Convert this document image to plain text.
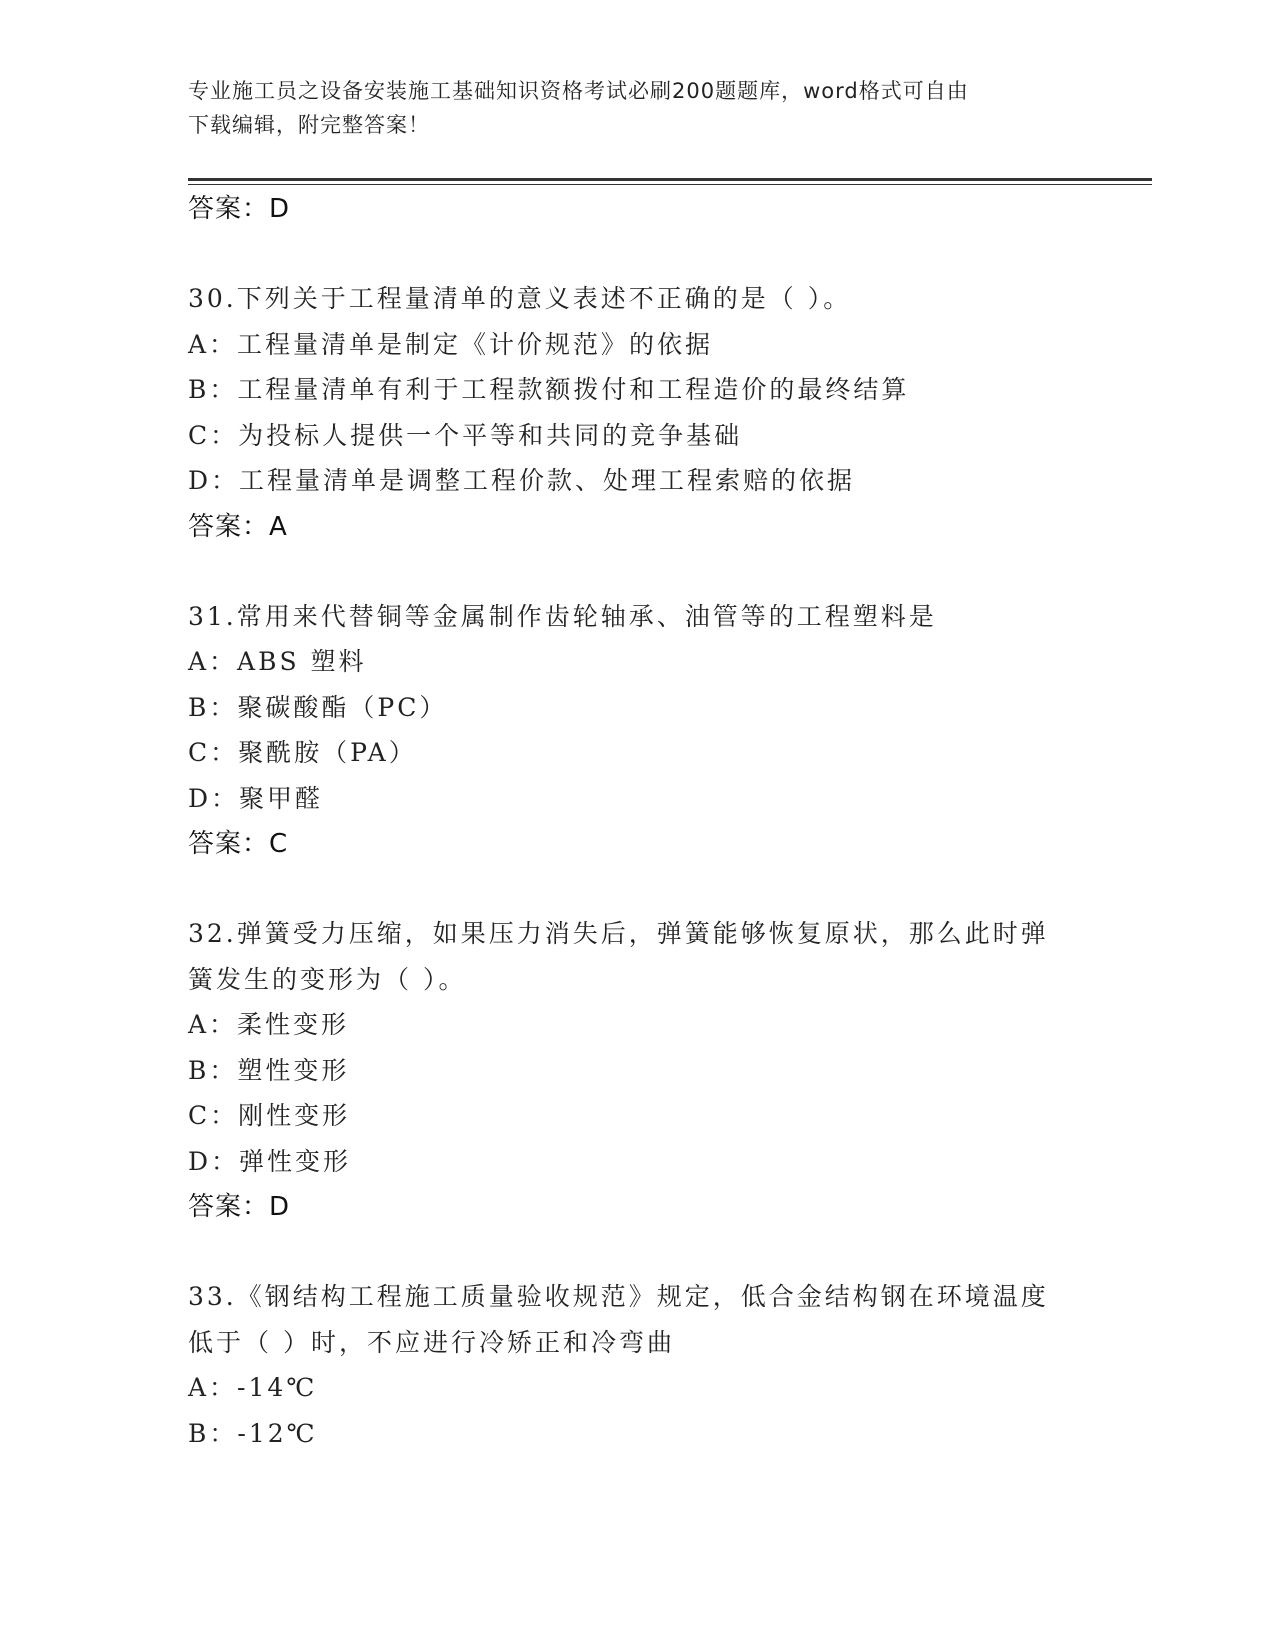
专业施工员之设备安装施工基础知识资格考试必刷200题题库，word格式可自由
下载编辑，附完整答案！
答案：D
30.下列关于工程量清单的意义表述不正确的是（ ）。
A：工程量清单是制定《计价规范》的依据
B：工程量清单有利于工程款额拨付和工程造价的最终结算
C：为投标人提供一个平等和共同的竞争基础
D：工程量清单是调整工程价款、处理工程索赔的依据
答案：A
31.常用来代替铜等金属制作齿轮轴承、油管等的工程塑料是
A：ABS 塑料
B：聚碳酸酯（PC）
C：聚酰胺（PA）
D：聚甲醛
答案：C
32.弹簧受力压缩，如果压力消失后，弹簧能够恢复原状，那么此时弹
簧发生的变形为（ ）。
A：柔性变形
B：塑性变形
C：刚性变形
D：弹性变形
答案：D
33.《钢结构工程施工质量验收规范》规定，低合金结构钢在环境温度
低于（ ）时，不应进行冷矫正和冷弯曲
A：-14℃
B：-12℃
